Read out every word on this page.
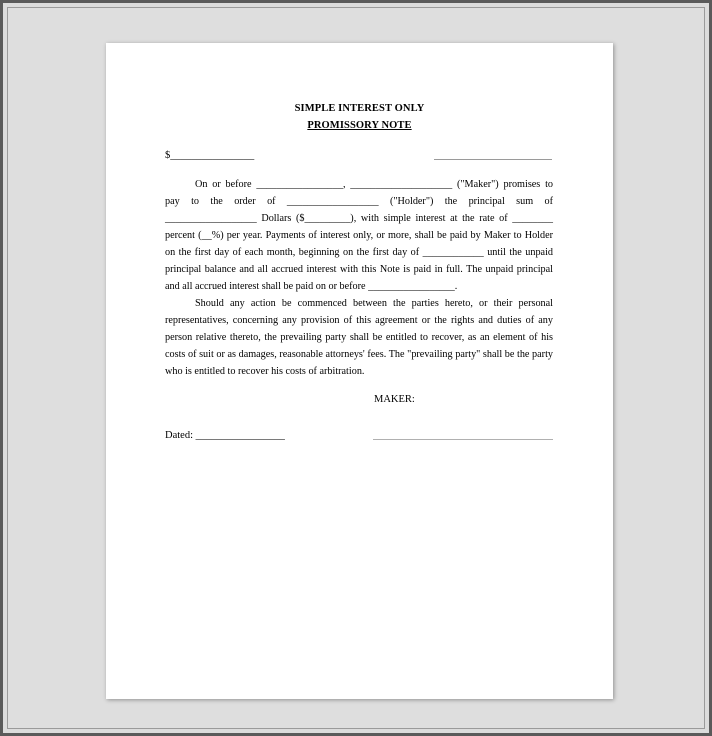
SIMPLE INTEREST ONLY
PROMISSORY NOTE
$________________

On or before _________________, ____________________ ("Maker") promises to pay to the order of __________________ ("Holder") the principal sum of __________________ Dollars ($_________), with simple interest at the rate of ________ percent (__%) per year. Payments of interest only, or more, shall be paid by Maker to Holder on the first day of each month, beginning on the first day of ____________ until the unpaid principal balance and all accrued interest with this Note is paid in full. The unpaid principal and all accrued interest shall be paid on or before _________________.

Should any action be commenced between the parties hereto, or their personal representatives, concerning any provision of this agreement or the rights and duties of any person relative thereto, the prevailing party shall be entitled to recover, as an element of his costs of suit or as damages, reasonable attorneys' fees. The "prevailing party" shall be the party who is entitled to recover his costs of arbitration.

MAKER:
Dated: _________________
